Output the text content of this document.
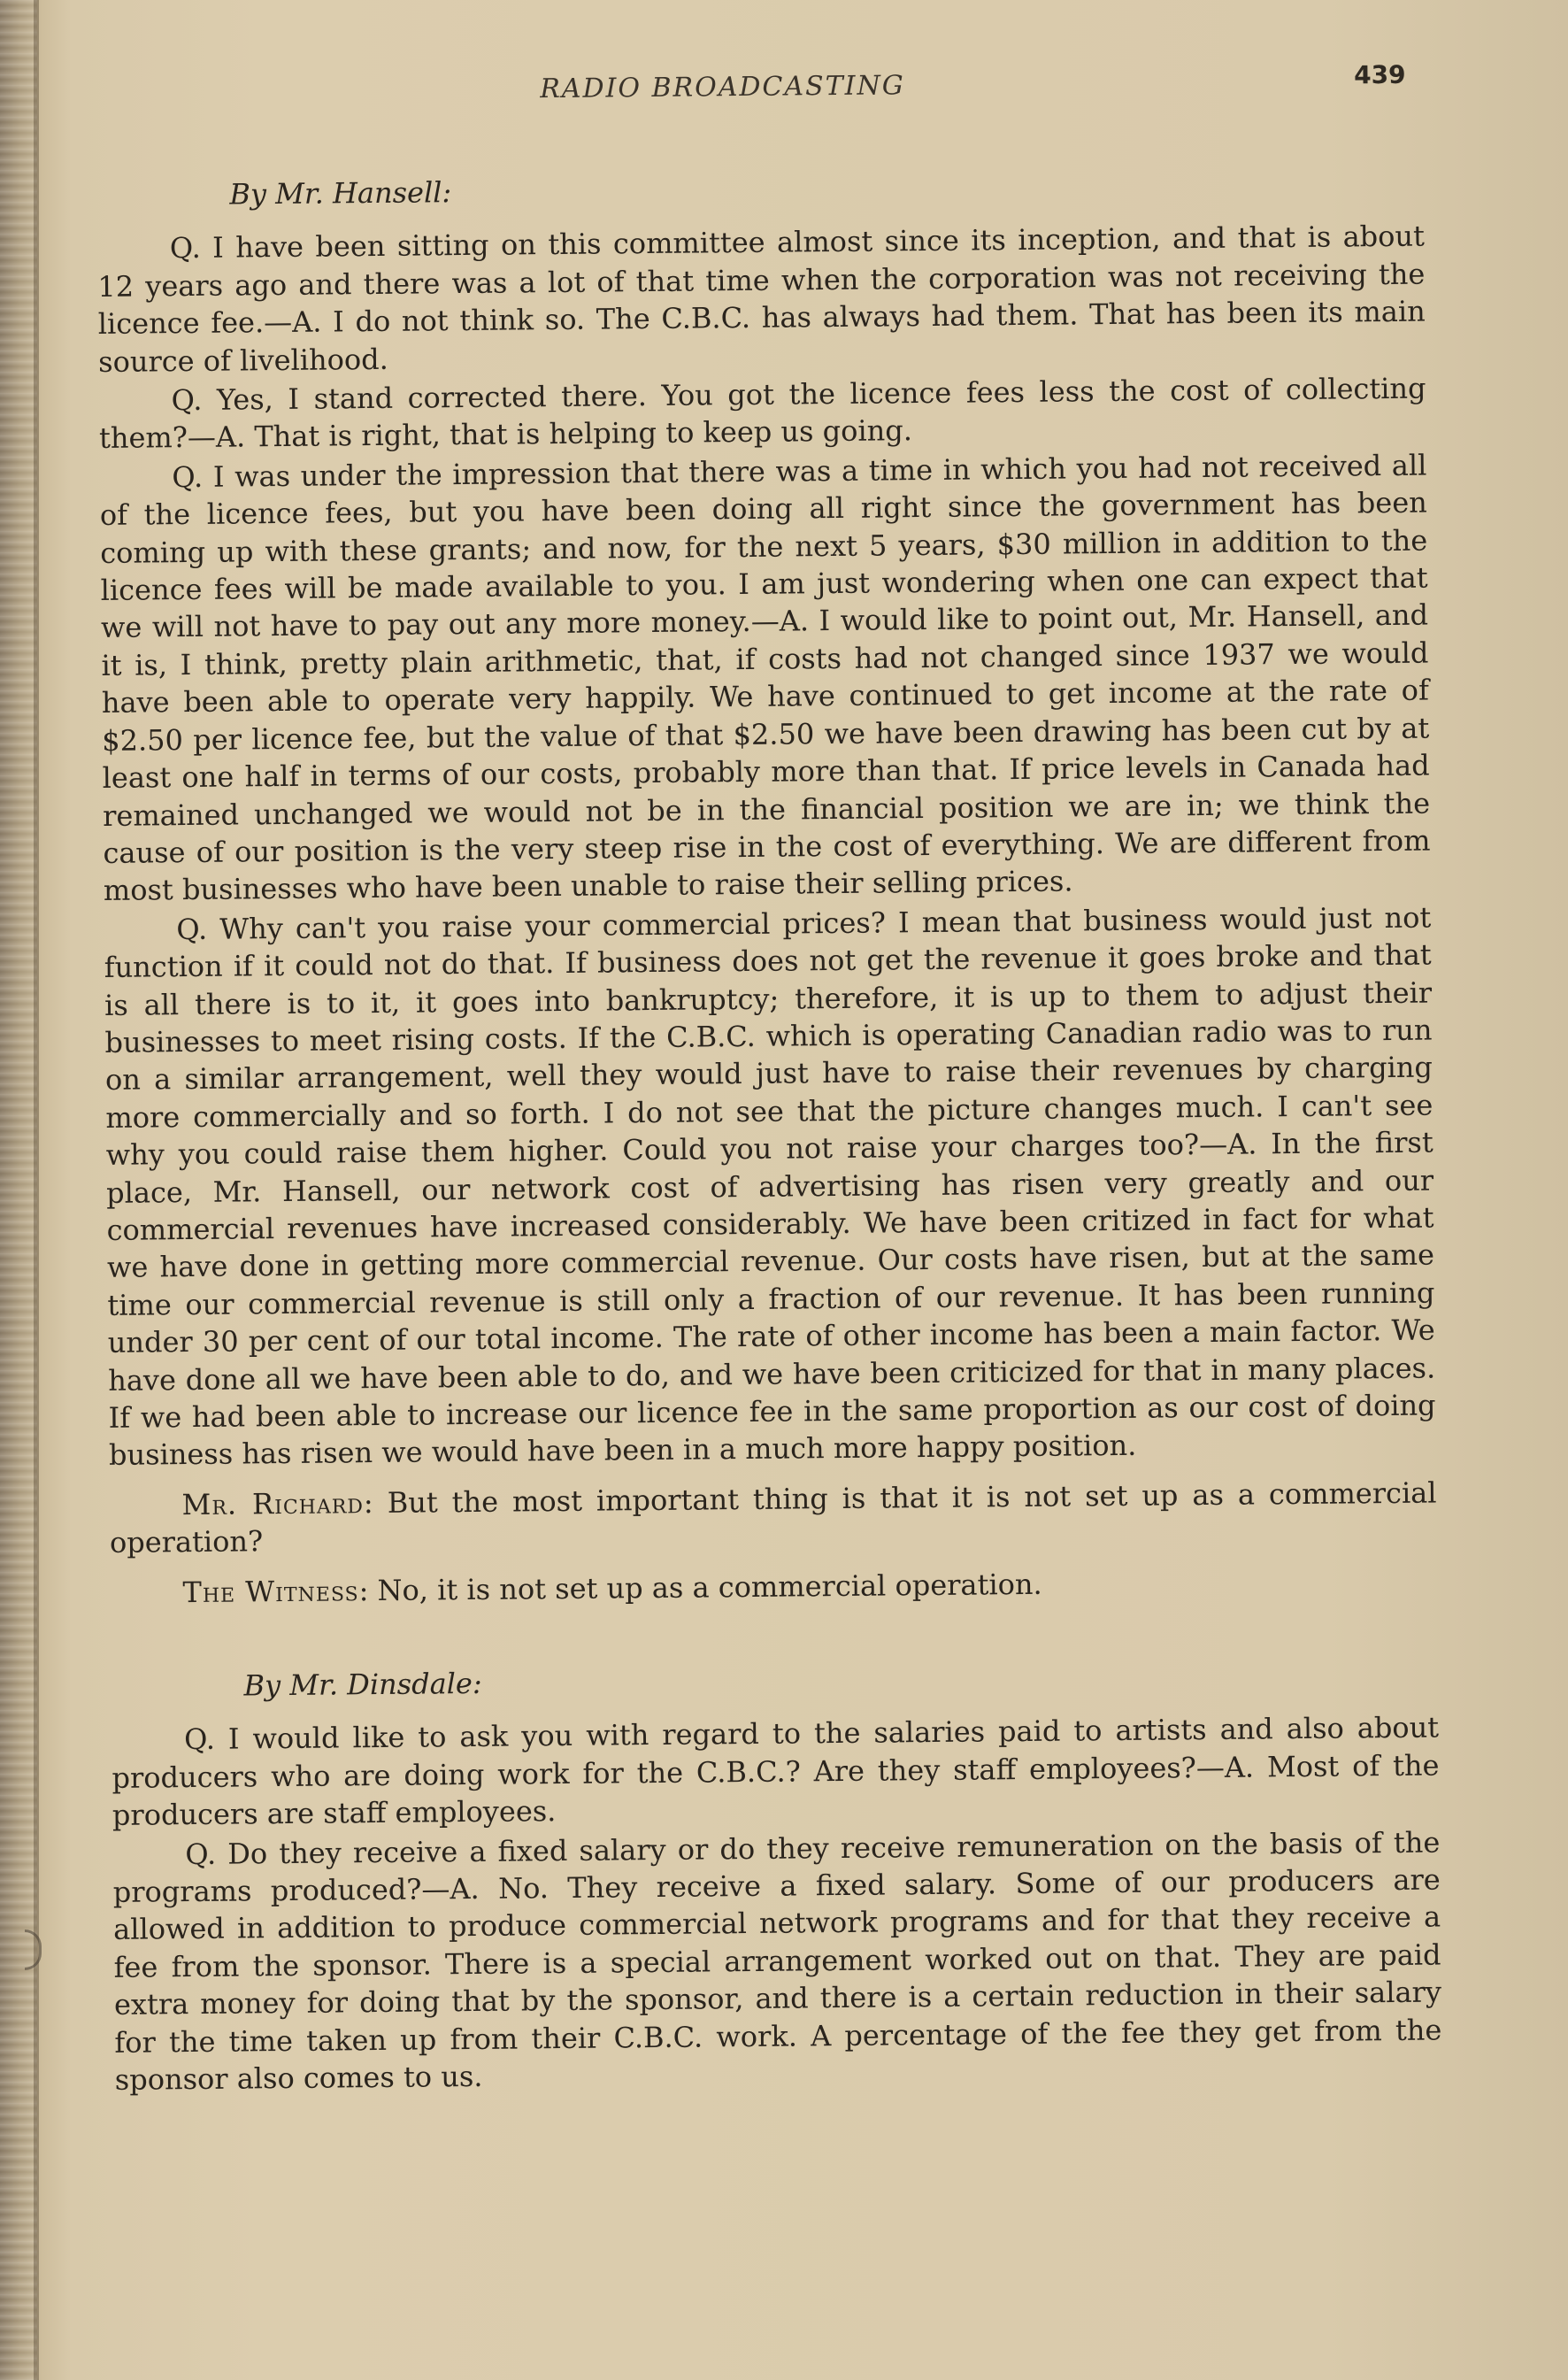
RADIO BROADCASTING	439

By Mr. Hansell:

Q. I have been sitting on this committee almost since its inception, and that is about 12 years ago and there was a lot of that time when the corporation was not receiving the licence fee.—A. I do not think so. The C.B.C. has always had them. That has been its main source of livelihood.

Q. Yes, I stand corrected there. You got the licence fees less the cost of collecting them?—A. That is right, that is helping to keep us going.

Q. I was under the impression that there was a time in which you had not received all of the licence fees, but you have been doing all right since the government has been coming up with these grants; and now, for the next 5 years, $30 million in addition to the licence fees will be made available to you. I am just wondering when one can expect that we will not have to pay out any more money.—A. I would like to point out, Mr. Hansell, and it is, I think, pretty plain arithmetic, that, if costs had not changed since 1937 we would have been able to operate very happily. We have continued to get income at the rate of $2.50 per licence fee, but the value of that $2.50 we have been drawing has been cut by at least one half in terms of our costs, probably more than that. If price levels in Canada had remained unchanged we would not be in the financial position we are in; we think the cause of our position is the very steep rise in the cost of everything. We are different from most businesses who have been unable to raise their selling prices.

Q. Why can't you raise your commercial prices? I mean that business would just not function if it could not do that. If business does not get the revenue it goes broke and that is all there is to it, it goes into bankruptcy; therefore, it is up to them to adjust their businesses to meet rising costs. If the C.B.C. which is operating Canadian radio was to run on a similar arrangement, well they would just have to raise their revenues by charging more commercially and so forth. I do not see that the picture changes much. I can't see why you could raise them higher. Could you not raise your charges too?—A. In the first place, Mr. Hansell, our network cost of advertising has risen very greatly and our commercial revenues have increased considerably. We have been critized in fact for what we have done in getting more commercial revenue. Our costs have risen, but at the same time our commercial revenue is still only a fraction of our revenue. It has been running under 30 per cent of our total income. The rate of other income has been a main factor. We have done all we have been able to do, and we have been criticized for that in many places. If we had been able to increase our licence fee in the same proportion as our cost of doing business has risen we would have been in a much more happy position.

Mr. Richard: But the most important thing is that it is not set up as a commercial operation?

The Witness: No, it is not set up as a commercial operation.

By Mr. Dinsdale:

Q. I would like to ask you with regard to the salaries paid to artists and also about producers who are doing work for the C.B.C.? Are they staff employees?—A. Most of the producers are staff employees.

Q. Do they receive a fixed salary or do they receive remuneration on the basis of the programs produced?—A. No. They receive a fixed salary. Some of our producers are allowed in addition to produce commercial network programs and for that they receive a fee from the sponsor. There is a special arrangement worked out on that. They are paid extra money for doing that by the sponsor, and there is a certain reduction in their salary for the time taken up from their C.B.C. work. A percentage of the fee they get from the sponsor also comes to us.
